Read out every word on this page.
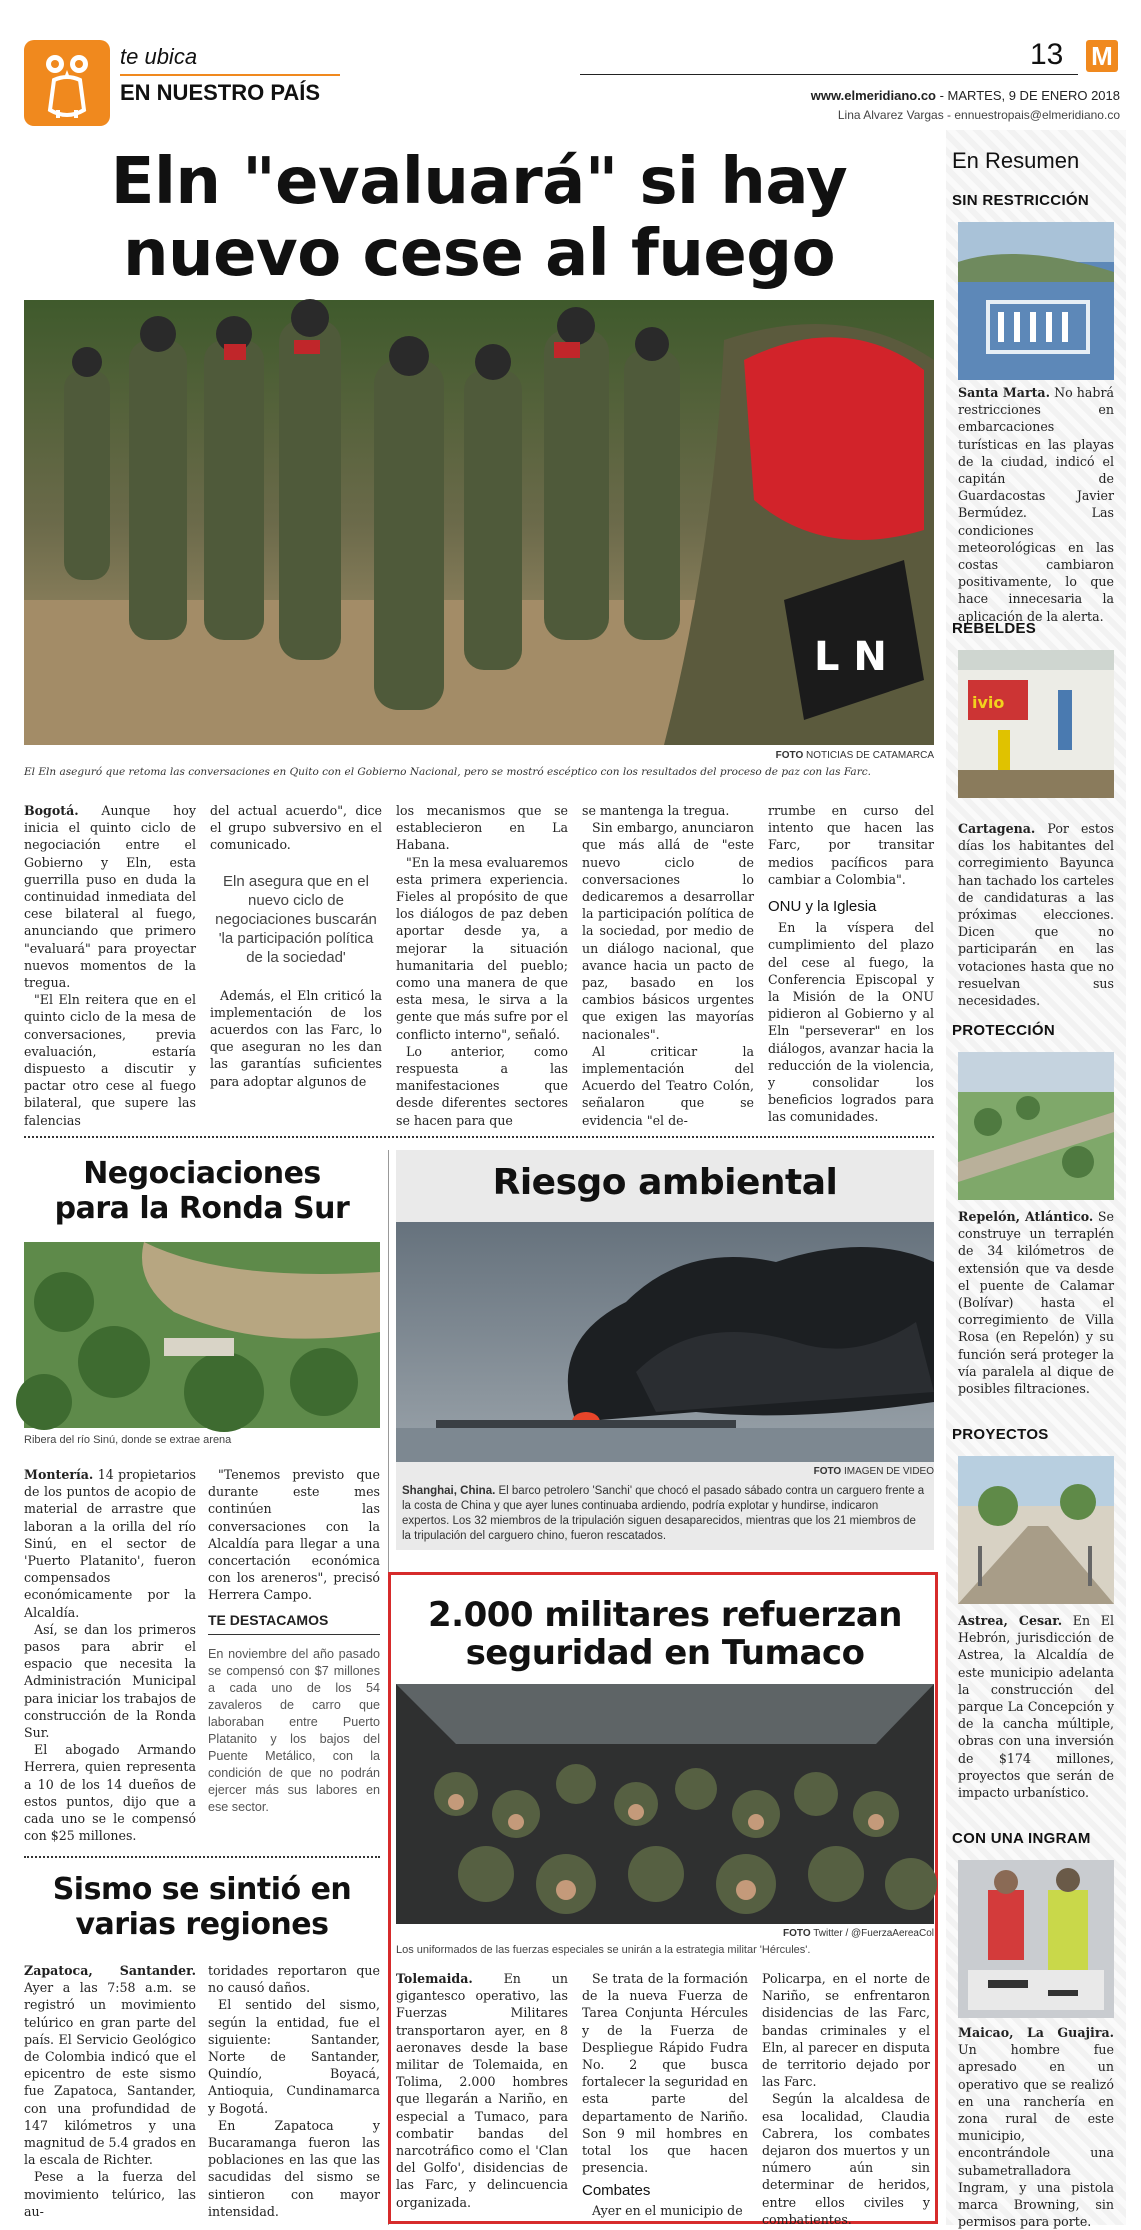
te ubica
EN NUESTRO PAÍS
13 M
www.elmeridiano.co - MARTES, 9 DE ENERO 2018
Lina Alvarez Vargas - ennuestropais@elmeridiano.co
Eln "evaluará" si hay
nuevo cese al fuego
L N
FOTO NOTICIAS DE CATAMARCA
El Eln aseguró que retoma las conversaciones en Quito con el Gobierno Nacional, pero se mostró escéptico con los resultados del proceso de paz con las Farc.

Bogotá. Aunque hoy inicia el quinto ciclo de negociación entre el Gobierno y Eln, esta guerrilla puso en duda la continuidad inmediata del cese bilateral al fuego, anunciando que primero "evaluará" para proyectar nuevos momentos de la tregua.

"El Eln reitera que en el quinto ciclo de la mesa de conversaciones, previa evaluación, estaría dispuesto a discutir y pactar otro cese al fuego bilateral, que supere las falencias

del actual acuerdo", dice el grupo subversivo en el comunicado.

Eln asegura que en el nuevo ciclo de negociaciones buscarán 'la participación política de la sociedad'

Además, el Eln criticó la implementación de los acuerdos con las Farc, lo que aseguran no les dan las garantías suficientes para adoptar algunos de

los mecanismos que se establecieron en La Habana.

"En la mesa evaluaremos esta primera experiencia. Fieles al propósito de que los diálogos de paz deben aportar desde ya, a mejorar la situación humanitaria del pueblo; como una manera de que esta mesa, le sirva a la gente que más sufre por el conflicto interno", señaló.

Lo anterior, como respuesta a las manifestaciones que desde diferentes sectores se hacen para que

se mantenga la tregua.

Sin embargo, anunciaron que más allá de "este nuevo ciclo de conversaciones lo dedicaremos a desarrollar la participación política de la sociedad, por medio de un diálogo nacional, que avance hacia un pacto de paz, basado en los cambios básicos urgentes que exigen las mayorías nacionales".

Al criticar la implementación del Acuerdo del Teatro Colón, señalaron que se evidencia "el de-

rrumbe en curso del intento que hacen las Farc, por transitar medios pacíficos para cambiar a Colombia".

ONU y la Iglesia

En la víspera del cumplimiento del plazo del cese al fuego, la Conferencia Episcopal y la Misión de la ONU pidieron al Gobierno y al Eln "perseverar" en los diálogos, avanzar hacia la reducción de la violencia, y consolidar los beneficios logrados para las comunidades.

Negociaciones
para la Ronda Sur
Ribera del río Sinú, donde se extrae arena

Montería. 14 propietarios de los puntos de acopio de material de arrastre que laboran a la orilla del río Sinú, en el sector de 'Puerto Platanito', fueron compensados económicamente por la Alcaldía.

Así, se dan los primeros pasos para abrir el espacio que necesita la Administración Municipal para iniciar los trabajos de construcción de la Ronda Sur.

El abogado Armando Herrera, quien representa a 10 de los 14 dueños de estos puntos, dijo que a cada uno se le compensó con $25 millones.

"Tenemos previsto que durante este mes continúen las conversaciones con la Alcaldía para llegar a una concertación económica con los areneros", precisó Herrera Campo.

TE DESTACAMOS
En noviembre del año pasado se compensó con $7 millones a cada uno de los 54 zavaleros de carro que laboraban entre Puerto Platanito y los bajos del Puente Metálico, con la condición de que no podrán ejercer más sus labores en ese sector.
Sismo se sintió en
varias regiones

Zapatoca, Santander. Ayer a las 7:58 a.m. se registró un movimiento telúrico en gran parte del país. El Servicio Geológico de Colombia indicó que el epicentro de este sismo fue Zapatoca, Santander, con una profundidad de 147 kilómetros y una magnitud de 5.4 grados en la escala de Richter.

Pese a la fuerza del movimiento telúrico, las au-

toridades reportaron que no causó daños.

El sentido del sismo, según la entidad, fue el siguiente: Santander, Norte de Santander, Quindío, Boyacá, Antioquia, Cundinamarca y Bogotá.

En Zapatoca y Bucaramanga fueron las poblaciones en las que las sacudidas del sismo se sintieron con mayor intensidad.

Riesgo ambiental
FOTO IMAGEN DE VIDEO
Shanghai, China. El barco petrolero 'Sanchi' que chocó el pasado sábado contra un carguero frente a la costa de China y que ayer lunes continuaba ardiendo, podría explotar y hundirse, indicaron expertos. Los 32 miembros de la tripulación siguen desaparecidos, mientras que los 21 miembros de la tripulación del carguero chino, fueron rescatados.
2.000 militares refuerzan
seguridad en Tumaco
FOTO Twitter / @FuerzaAereaCol
Los uniformados de las fuerzas especiales se unirán a la estrategia militar 'Hércules'.

Tolemaida. En un gigantesco operativo, las Fuerzas Militares transportaron ayer, en 8 aeronaves desde la base militar de Tolemaida, en Tolima, 2.000 hombres que llegarán a Nariño, en especial a Tumaco, para combatir bandas del narcotráfico como el 'Clan del Golfo', disidencias de las Farc, y delincuencia organizada.

Se trata de la formación de la nueva Fuerza de Tarea Conjunta Hércules y de la Fuerza de Despliegue Rápido Fudra No. 2 que busca fortalecer la seguridad en esta parte del departamento de Nariño. Son 9 mil hombres en total los que hacen presencia.

Combates

Ayer en el municipio de

Policarpa, en el norte de Nariño, se enfrentaron disidencias de las Farc, bandas criminales y el Eln, al parecer en disputa de territorio dejado por las Farc.

Según la alcaldesa de esa localidad, Claudia Cabrera, los combates dejaron dos muertos y un número aún sin determinar de heridos, entre ellos civiles y combatientes.

En Resumen
SIN RESTRICCIÓN
Santa Marta. No habrá restricciones en embarcaciones turísticas en las playas de la ciudad, indicó el capitán de Guardacostas Javier Bermúdez. Las condiciones meteorológicas en las costas cambiaron positivamente, lo que hace innecesaria la aplicación de la alerta.
REBELDES
ivio
Cartagena. Por estos días los habitantes del corregimiento Bayunca han tachado los carteles de candidaturas a las próximas elecciones. Dicen que no participarán en las votaciones hasta que no resuelvan sus necesidades.
PROTECCIÓN
Repelón, Atlántico. Se construye un terraplén de 34 kilómetros de extensión que va desde el puente de Calamar (Bolívar) hasta el corregimiento de Villa Rosa (en Repelón) y su función será proteger la vía paralela al dique de posibles filtraciones.
PROYECTOS
Astrea, Cesar. En El Hebrón, jurisdicción de Astrea, la Alcaldía de este municipio adelanta la construcción del parque La Concepción y de la cancha múltiple, obras con una inversión de $174 millones, proyectos que serán de impacto urbanístico.
CON UNA INGRAM
Maicao, La Guajira. Un hombre fue apresado en un operativo que se realizó en una ranchería en zona rural de este municipio, encontrándole una subametralladora Ingram, y una pistola marca Browning, sin permisos para porte.
